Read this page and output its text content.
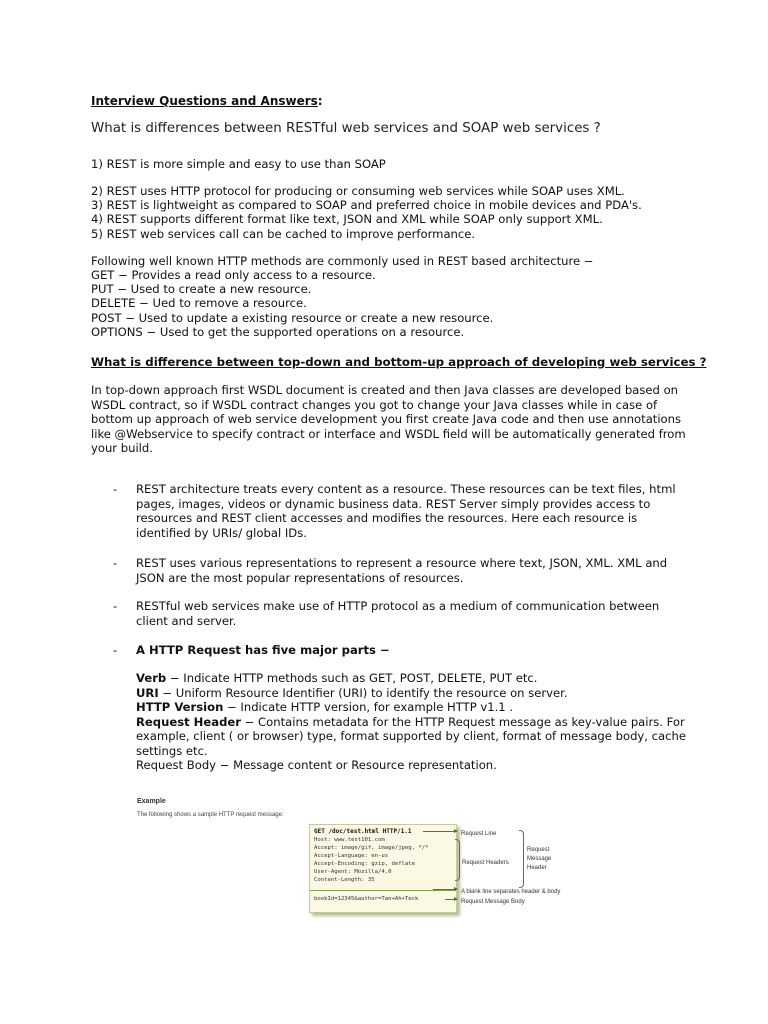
Interview Questions and Answers:
What is differences between RESTful web services and SOAP web services ?
1) REST is more simple and easy to use than SOAP
2) REST uses HTTP protocol for producing or consuming web services while SOAP uses XML.
3) REST is lightweight as compared to SOAP and preferred choice in mobile devices and PDA's.
4) REST supports different format like text, JSON and XML while SOAP only support XML.
5) REST web services call can be cached to improve performance.
Following well known HTTP methods are commonly used in REST based architecture −
GET − Provides a read only access to a resource.
PUT − Used to create a new resource.
DELETE − Ued to remove a resource.
POST − Used to update a existing resource or create a new resource.
OPTIONS − Used to get the supported operations on a resource.
What is difference between top-down and bottom-up approach of developing web services ?
In top-down approach first WSDL document is created and then Java classes are developed based on WSDL contract, so if WSDL contract changes you got to change your Java classes while in case of bottom up approach of web service development you first create Java code and then use annotations like @Webservice to specify contract or interface and WSDL field will be automatically generated from your build.
- REST architecture treats every content as a resource. These resources can be text files, html pages, images, videos or dynamic business data. REST Server simply provides access to resources and REST client accesses and modifies the resources. Here each resource is identified by URIs/ global IDs.
- REST uses various representations to represent a resource where text, JSON, XML. XML and JSON are the most popular representations of resources.
- RESTful web services make use of HTTP protocol as a medium of communication between client and server.
- A HTTP Request has five major parts −
Verb − Indicate HTTP methods such as GET, POST, DELETE, PUT etc.
URI − Uniform Resource Identifier (URI) to identify the resource on server.
HTTP Version − Indicate HTTP version, for example HTTP v1.1 .
Request Header − Contains metadata for the HTTP Request message as key-value pairs. For
example, client ( or browser) type, format supported by client, format of message body, cache
settings etc.
Request Body − Message content or Resource representation.
Example
The following shows a sample HTTP request message:
GET /doc/test.html HTTP/1.1
Host: www.test101.com
Accept: image/gif, image/jpeg, */*
Accept-Language: en-us
Accept-Encoding: gzip, deflate
User-Agent: Mozilla/4.0
Content-Length: 35
bookId=12345&author=Tan+Ah+Teck
Request Line
Request Headers
Request
Message
Header
A blank line separates header & body
Request Message Body
